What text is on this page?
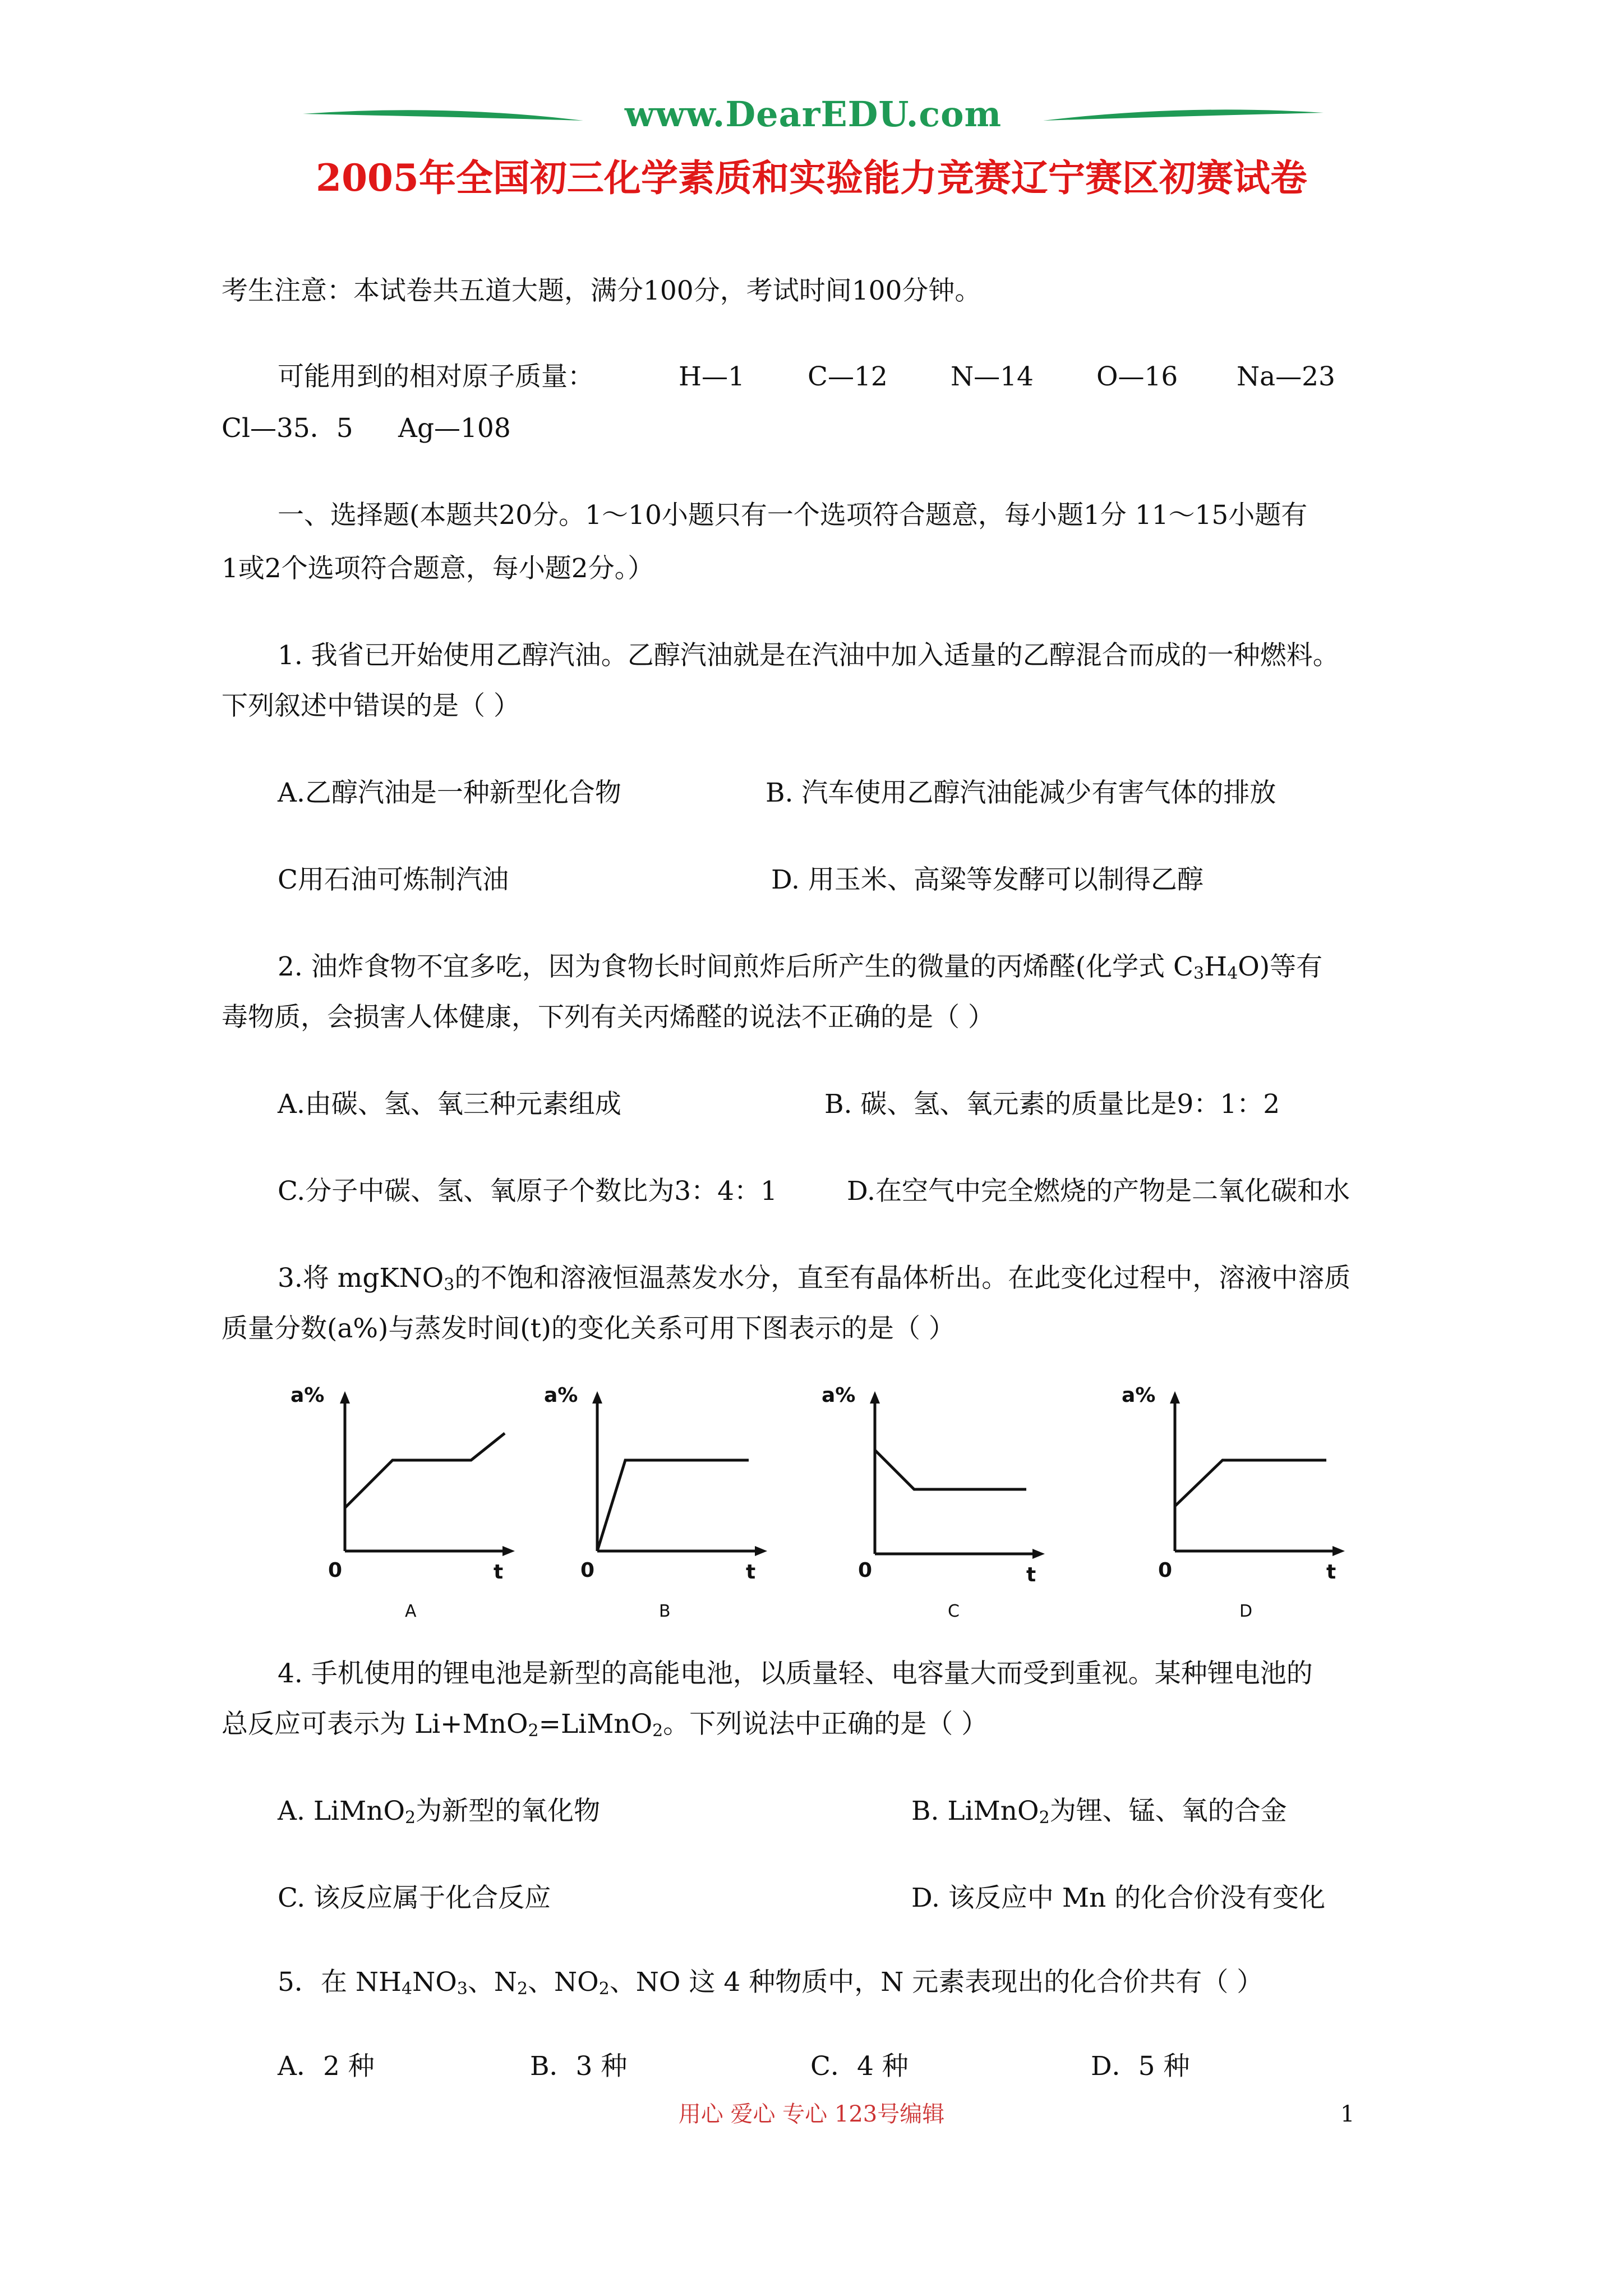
www.DearEDU.com
2005年全国初三化学素质和实验能力竞赛辽宁赛区初赛试卷
考生注意：本试卷共五道大题，满分100分，考试时间100分钟。
可能用到的相对原子质量：	H—1 C—12 N—14 O—16 Na—23
Cl—35．5 Ag—108
一、选择题(本题共20分。1～10小题只有一个选项符合题意，每小题1分 11～15小题有
1或2个选项符合题意，每小题2分。）
1. 我省已开始使用乙醇汽油。乙醇汽油就是在汽油中加入适量的乙醇混合而成的一种燃料。
下列叙述中错误的是（ ）
A.乙醇汽油是一种新型化合物	B. 汽车使用乙醇汽油能减少有害气体的排放
C用石油可炼制汽油	D. 用玉米、高粱等发酵可以制得乙醇
2. 油炸食物不宜多吃，因为食物长时间煎炸后所产生的微量的丙烯醛(化学式 $C_3H_4O$)等有
毒物质，会损害人体健康，下列有关丙烯醛的说法不正确的是（ ）
A.由碳、氢、氧三种元素组成	B. 碳、氢、氧元素的质量比是9：1：2
C.分子中碳、氢、氧原子个数比为3：4：1	D.在空气中完全燃烧的产物是二氧化碳和水
3.将 mgKNO$_3$的不饱和溶液恒温蒸发水分，直至有晶体析出。在此变化过程中，溶液中溶质
质量分数(a%)与蒸发时间(t)的变化关系可用下图表示的是（ ）
a%
0	t
A
a%
0	t
B
a%
0	t
C
a%
0	t
D
4. 手机使用的锂电池是新型的高能电池，以质量轻、电容量大而受到重视。某种锂电池的
总反应可表示为 Li+MnO$_2$=LiMnO$_2$。下列说法中正确的是（ ）
A. LiMnO$_2$为新型的氧化物	B. LiMnO$_2$为锂、锰、氧的合金
C. 该反应属于化合反应	D. 该反应中 Mn 的化合价没有变化
5．在 $NH_4NO_3$、$N_2$、$NO_2$、NO 这 4 种物质中，N 元素表现出的化合价共有（ ）
A．2 种	B．3 种	C．4 种	D．5 种
用心 爱心 专心 123号编辑	1
